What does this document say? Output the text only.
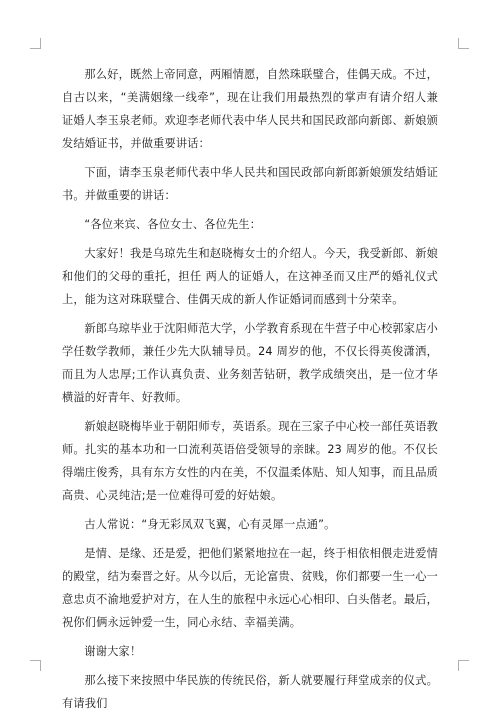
那么好，既然上帝同意，两厢情愿，自然珠联璧合，佳偶天成。不过，自古以来，“美满姻缘一线牵”，现在让我们用最热烈的掌声有请介绍人兼证婚人李玉泉老师。欢迎李老师代表中华人民共和国民政部向新郎、新娘颁发结婚证书，并做重要讲话：

下面，请李玉泉老师代表中华人民共和国民政部向新郎新娘颁发结婚证书。并做重要的讲话：

“各位来宾、各位女士、各位先生：

大家好！我是乌琼先生和赵晓梅女士的介绍人。今天，我受新郎、新娘和他们的父母的重托，担任 两人的证婚人，在这神圣而又庄严的婚礼仪式上，能为这对珠联璧合、佳偶天成的新人作证婚词而感到十分荣幸。

新郎乌琼毕业于沈阳师范大学，小学教育系现在牛营子中心校郭家店小学任数学教师，兼任少先大队辅导员。24 周岁的他，不仅长得英俊潇洒，而且为人忠厚;工作认真负责、业务刻苦钻研，教学成绩突出，是一位才华横溢的好青年、好教师。

新娘赵晓梅毕业于朝阳师专，英语系。现在三家子中心校一部任英语教师。扎实的基本功和一口流利英语倍受领导的亲睐。23 周岁的他。不仅长得端庄俊秀，具有东方女性的内在美，不仅温柔体贴、知人知事，而且品质高贵、心灵纯洁;是一位难得可爱的好姑娘。

古人常说：“身无彩凤双飞翼，心有灵犀一点通”。

是情、是缘、还是爱，把他们紧紧地拉在一起，终于相依相偎走进爱情的殿堂，结为秦晋之好。从今以后，无论富贵、贫贱，你们都要一生一心一意忠贞不渝地爱护对方，在人生的旅程中永远心心相印、白头偕老。最后，祝你们俩永远钟爱一生，同心永结、幸福美满。

谢谢大家！

那么接下来按照中华民族的传统民俗，新人就要履行拜堂成亲的仪式。有请我们
